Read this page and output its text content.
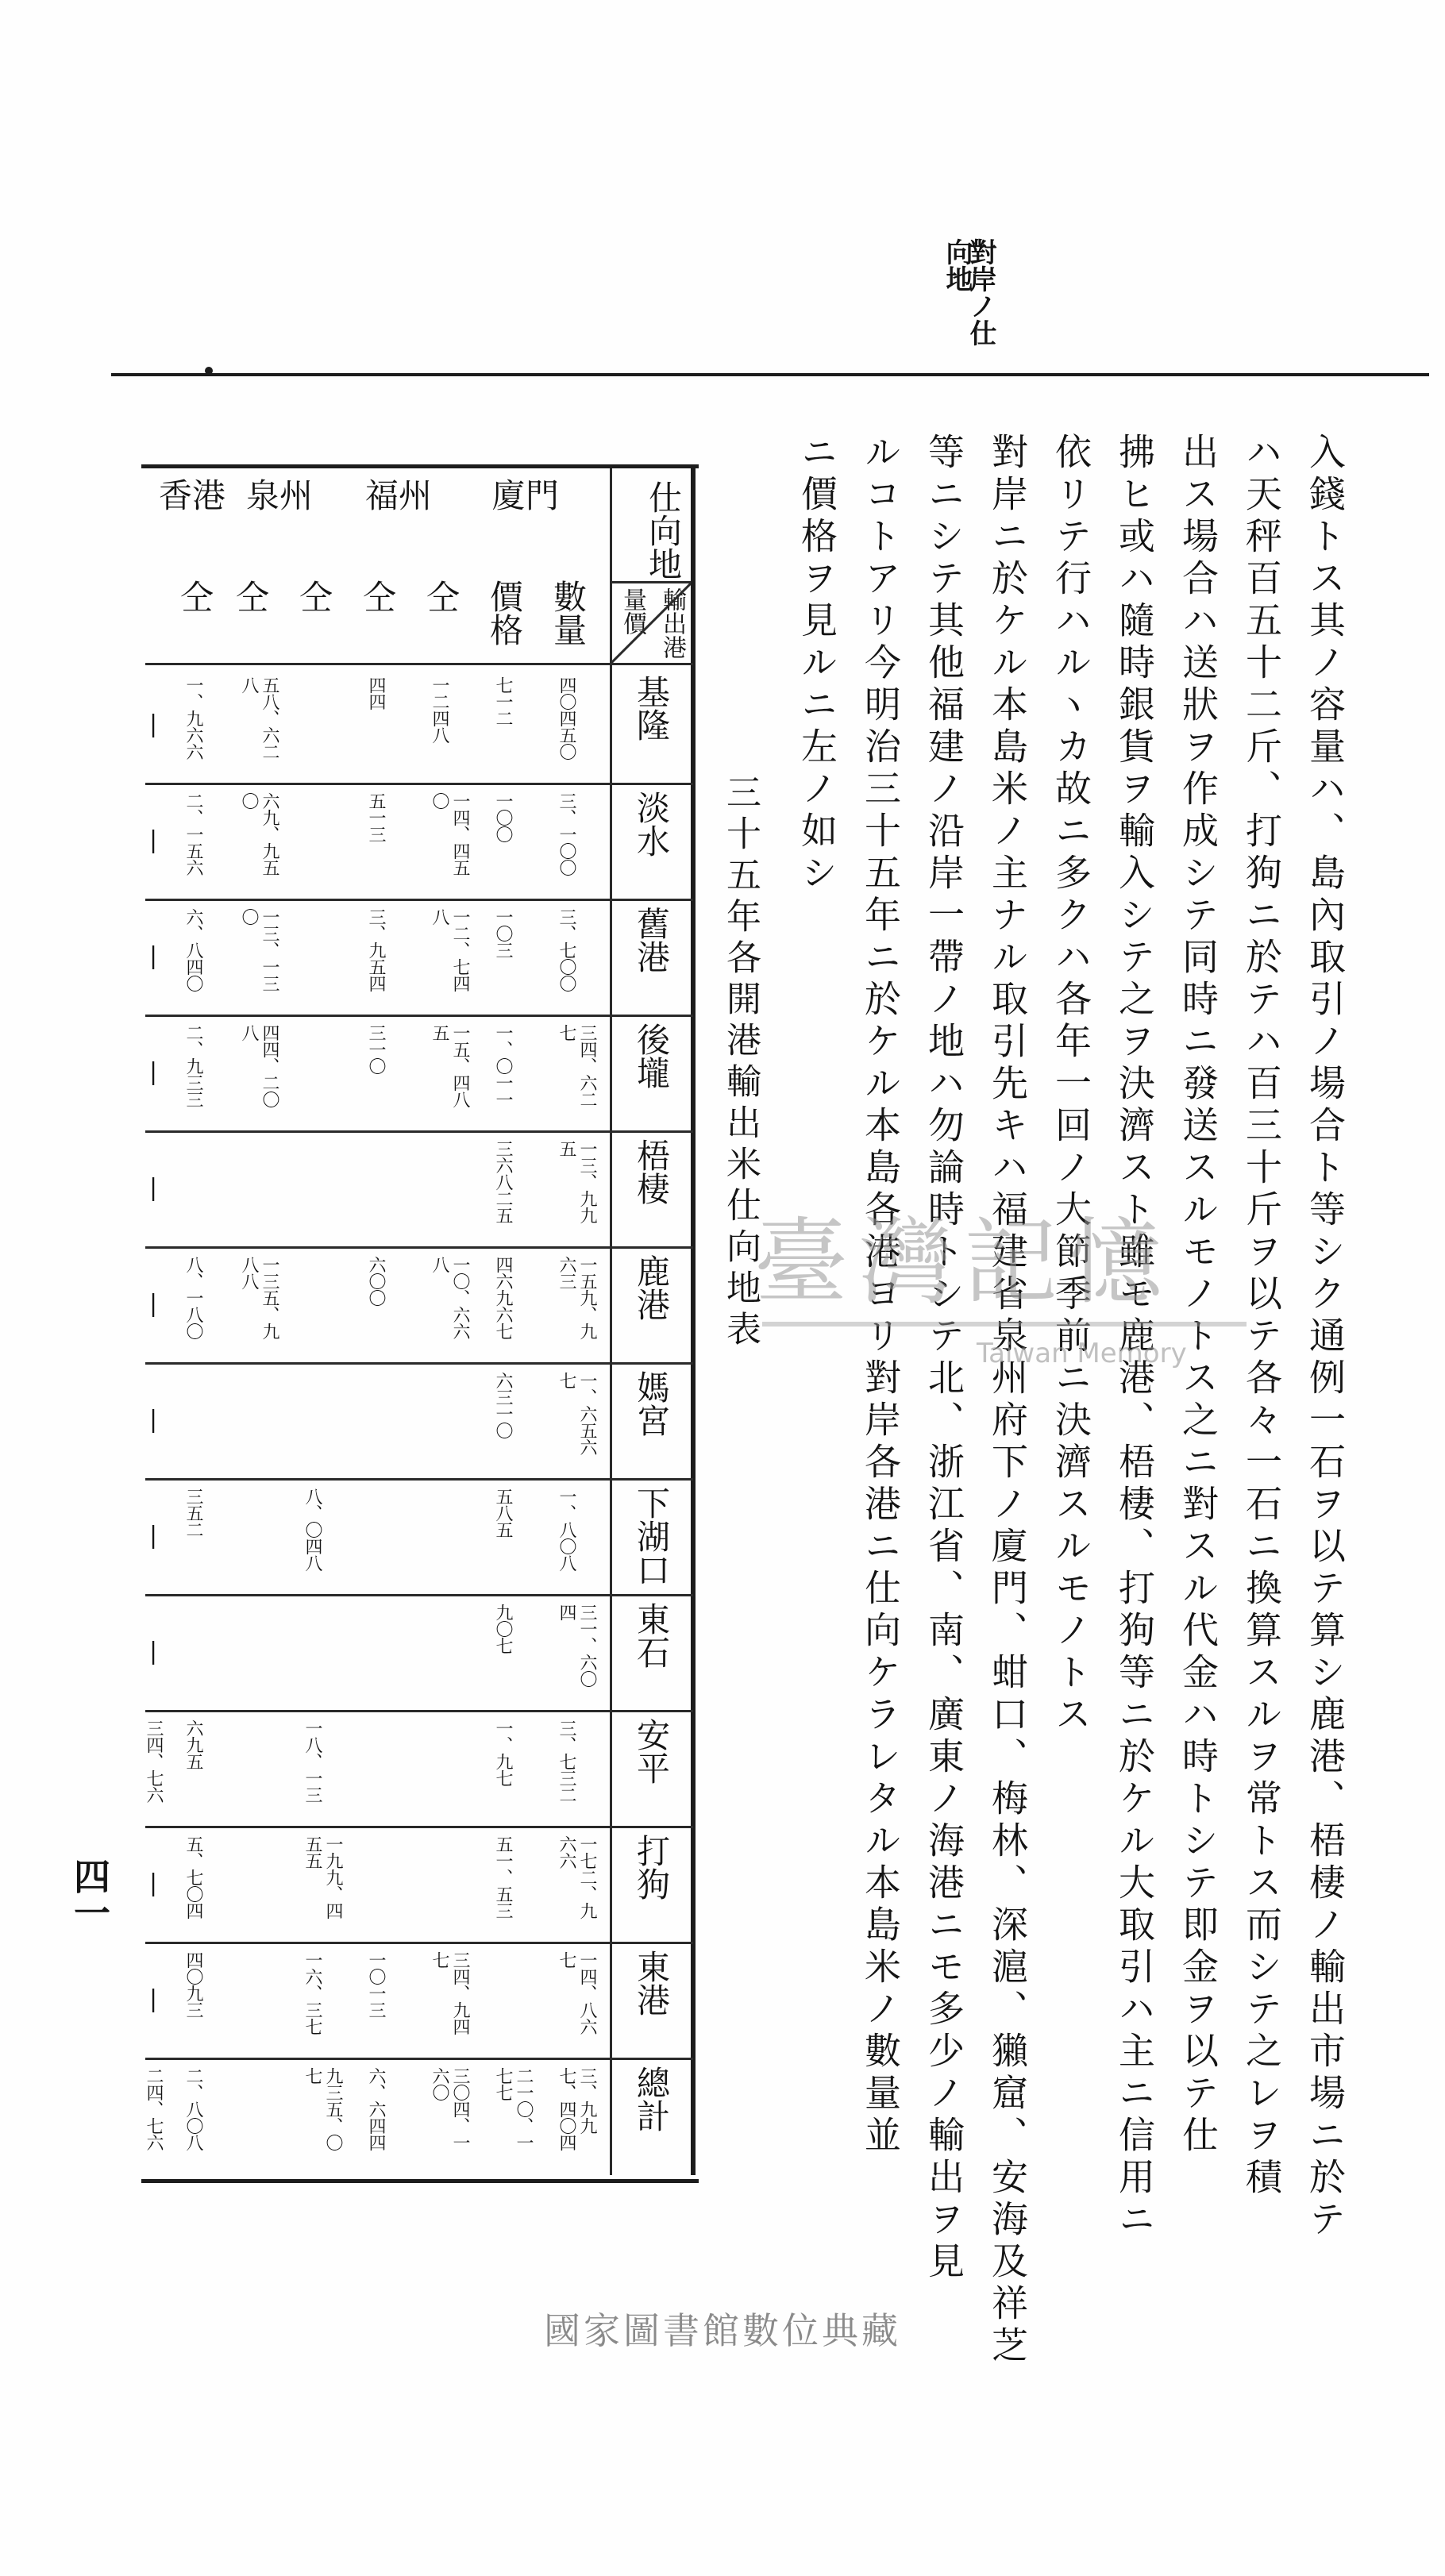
對岸ノ仕
向地
入錢トス其ノ容量ハ、島內取引ノ場合ト等シク通例一石ヲ以テ算シ鹿港、梧棲ノ輸出市場ニ於テ
ハ天秤百五十二斤、打狗ニ於テハ百三十斤ヲ以テ各々一石ニ換算スルヲ常トス而シテ之レヲ積
出ス場合ハ送狀ヲ作成シテ同時ニ發送スルモノトス之ニ對スル代金ハ時トシテ即金ヲ以テ仕
拂ヒ或ハ隨時銀貨ヲ輸入シテ之ヲ決濟スト雖モ鹿港、梧棲、打狗等ニ於ケル大取引ハ主ニ信用ニ
依リテ行ハルヽカ故ニ多クハ各年一回ノ大節季前ニ決濟スルモノトス
對岸ニ於ケル本島米ノ主ナル取引先キハ福建省泉州府下ノ廈門、蚶口、梅林、深滬、獺窟、安海及祥芝
等ニシテ其他福建ノ沿岸一帶ノ地ハ勿論時トシテ北、浙江省、南、廣東ノ海港ニモ多少ノ輸出ヲ見
ルコトアリ今明治三十五年ニ於ケル本島各港ヨリ對岸各港ニ仕向ケラレタル本島米ノ數量並
ニ價格ヲ見ルニ左ノ如シ
三十五年各開港輸出米仕向地表
仕向地
輸出港
量價
廈門
福州
泉州
香港
四一
臺灣記憶
Taiwan Memory
國家圖書館數位典藏
數量
價格
仝
仝
仝
仝
仝
基隆
四〇四五〇
七一二
一二四八
四四
五八、六二八
一、九六六
|
淡水
三、一〇〇
一〇〇
一四、四五〇
五一三
六九、九五〇
二、一五六
|
舊港
三、七〇〇
一〇三
一二、七四八
三、九五四
一三、一三〇
六、八四〇
|
後壠
三四、六二七
一、〇一一
一五、四八五
三一〇
四四、二〇八
二、九三三
|
梧棲
一三、九九五
三六八二五
|
鹿港
一五九、九六三
四六九六七
一〇、六六八
六〇〇
一三五、九八八
八、一八〇
|
媽宮
一、六五六七
六三一〇
|
下湖口
一、八〇八
五八五
八、〇四八
三五二
|
東石
三一、六〇四
九〇七
|
安平
三、七三二
一、九七
一八、一三
六九五
三四、七六
打狗
一七二、九六六
五一、五三
一九九、四五五
五、七〇四
|
東港
一四、八六七
三四、九四七
一〇一三
一六、三七
四〇九三
|
總計
三、九九七、四〇四
二一〇、一七七
三〇四、一六〇
六、六四四
九三五、〇七
二、八〇八
二四、七六
